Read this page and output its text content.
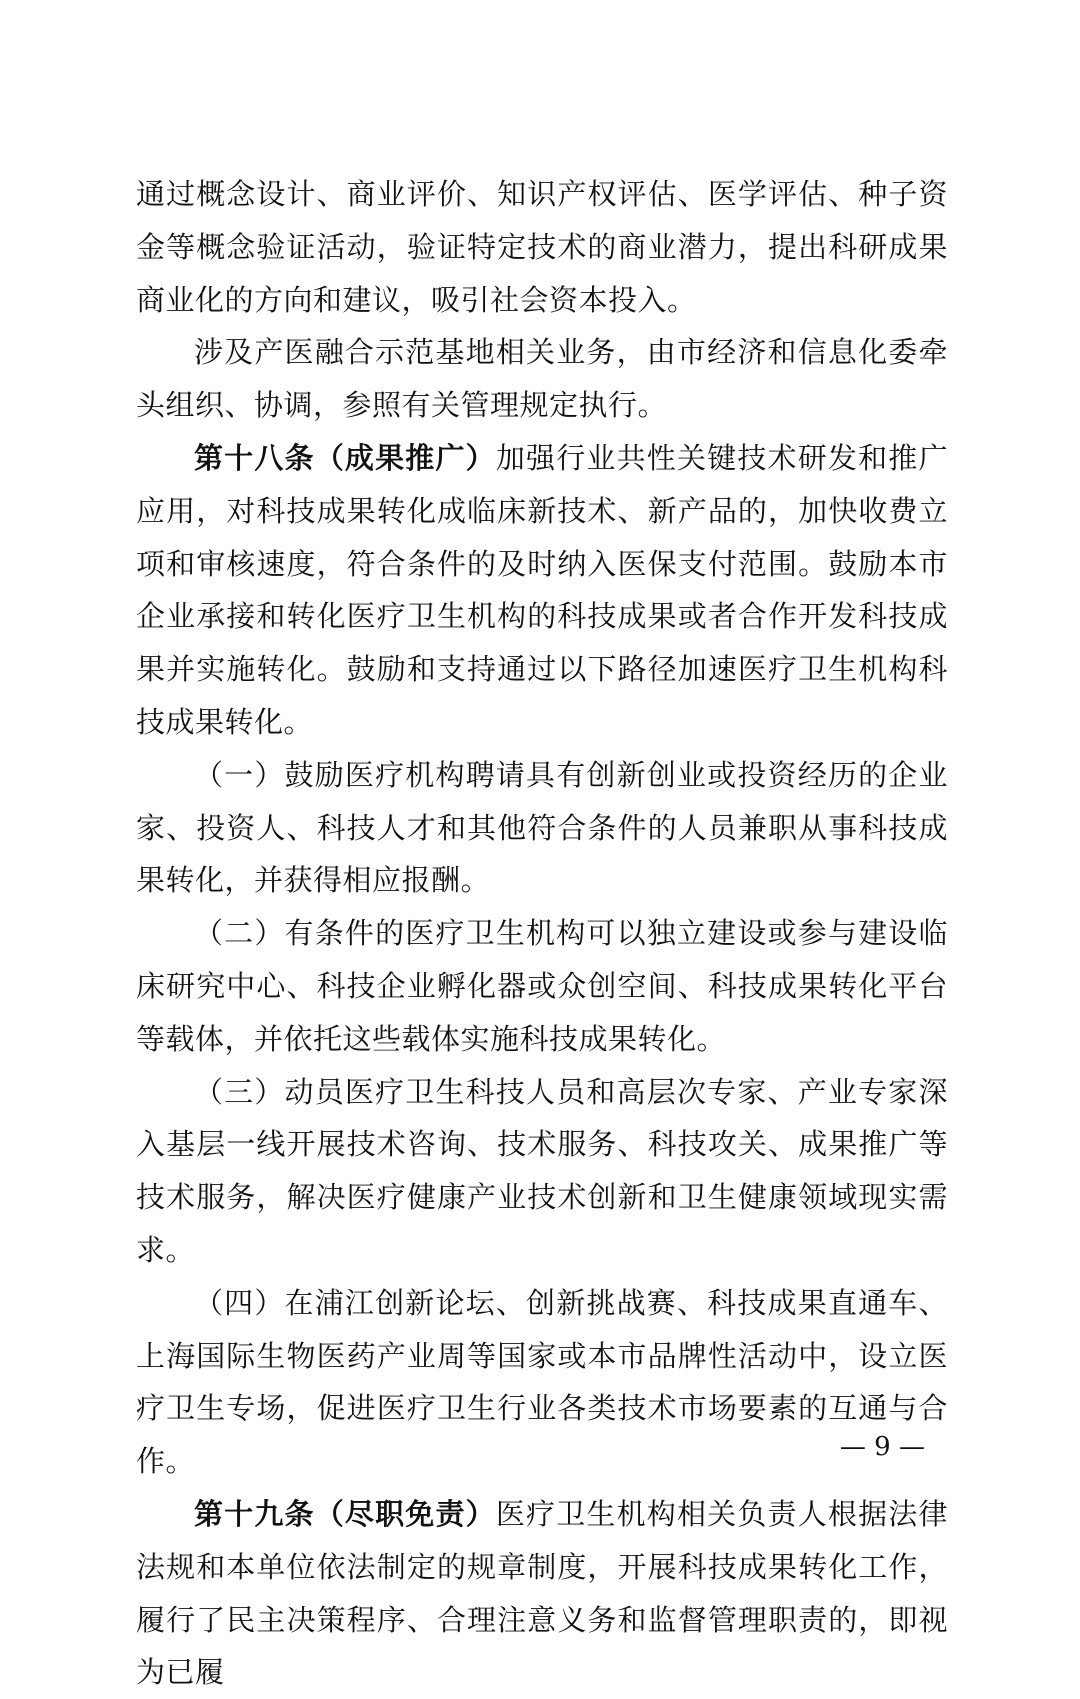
通过概念设计、商业评价、知识产权评估、医学评估、种子资金等概念验证活动，验证特定技术的商业潜力，提出科研成果商业化的方向和建议，吸引社会资本投入。

涉及产医融合示范基地相关业务，由市经济和信息化委牵头组织、协调，参照有关管理规定执行。

第十八条（成果推广）加强行业共性关键技术研发和推广应用，对科技成果转化成临床新技术、新产品的，加快收费立项和审核速度，符合条件的及时纳入医保支付范围。鼓励本市企业承接和转化医疗卫生机构的科技成果或者合作开发科技成果并实施转化。鼓励和支持通过以下路径加速医疗卫生机构科技成果转化。

（一）鼓励医疗机构聘请具有创新创业或投资经历的企业家、投资人、科技人才和其他符合条件的人员兼职从事科技成果转化，并获得相应报酬。

（二）有条件的医疗卫生机构可以独立建设或参与建设临床研究中心、科技企业孵化器或众创空间、科技成果转化平台等载体，并依托这些载体实施科技成果转化。

（三）动员医疗卫生科技人员和高层次专家、产业专家深入基层一线开展技术咨询、技术服务、科技攻关、成果推广等技术服务，解决医疗健康产业技术创新和卫生健康领域现实需求。

（四）在浦江创新论坛、创新挑战赛、科技成果直通车、上海国际生物医药产业周等国家或本市品牌性活动中，设立医疗卫生专场，促进医疗卫生行业各类技术市场要素的互通与合作。

第十九条（尽职免责）医疗卫生机构相关负责人根据法律法规和本单位依法制定的规章制度，开展科技成果转化工作，履行了民主决策程序、合理注意义务和监督管理职责的，即视为已履

— 9 —
